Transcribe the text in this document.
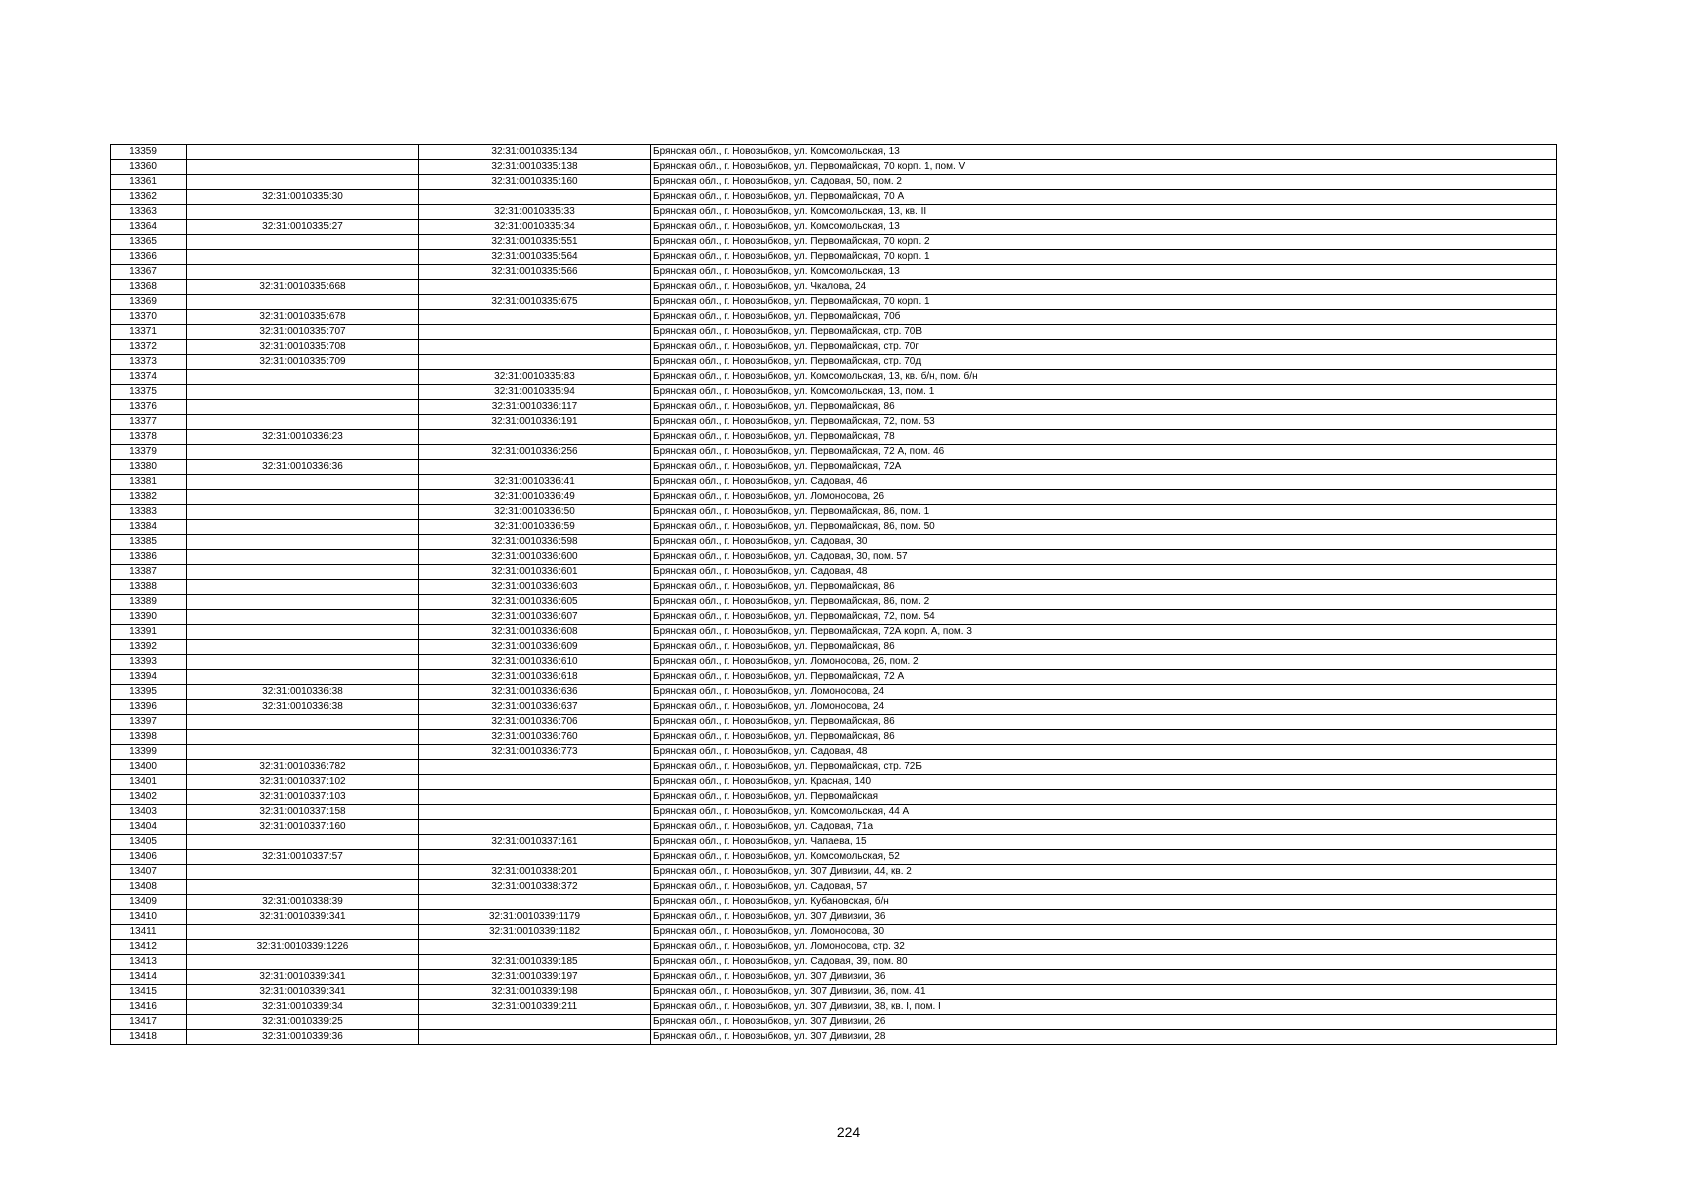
13359		32:31:0010335:134	Брянская обл., г. Новозыбков, ул. Комсомольская, 13
13360		32:31:0010335:138	Брянская обл., г. Новозыбков, ул. Первомайская, 70 корп. 1, пом. V
13361		32:31:0010335:160	Брянская обл., г. Новозыбков, ул. Садовая, 50, пом. 2
13362	32:31:0010335:30		Брянская обл., г. Новозыбков, ул. Первомайская, 70 А
13363		32:31:0010335:33	Брянская обл., г. Новозыбков, ул. Комсомольская, 13, кв. II
13364	32:31:0010335:27	32:31:0010335:34	Брянская обл., г. Новозыбков, ул. Комсомольская, 13
13365		32:31:0010335:551	Брянская обл., г. Новозыбков, ул. Первомайская, 70 корп. 2
13366		32:31:0010335:564	Брянская обл., г. Новозыбков, ул. Первомайская, 70 корп. 1
13367		32:31:0010335:566	Брянская обл., г. Новозыбков, ул. Комсомольская, 13
13368	32:31:0010335:668		Брянская обл., г. Новозыбков, ул. Чкалова, 24
13369		32:31:0010335:675	Брянская обл., г. Новозыбков, ул. Первомайская, 70 корп. 1
13370	32:31:0010335:678		Брянская обл., г. Новозыбков, ул. Первомайская, 70б
13371	32:31:0010335:707		Брянская обл., г. Новозыбков, ул. Первомайская, стр. 70В
13372	32:31:0010335:708		Брянская обл., г. Новозыбков, ул. Первомайская, стр. 70г
13373	32:31:0010335:709		Брянская обл., г. Новозыбков, ул. Первомайская, стр. 70д
13374		32:31:0010335:83	Брянская обл., г. Новозыбков, ул. Комсомольская, 13, кв. б/н, пом. б/н
13375		32:31:0010335:94	Брянская обл., г. Новозыбков, ул. Комсомольская, 13, пом. 1
13376		32:31:0010336:117	Брянская обл., г. Новозыбков, ул. Первомайская, 86
13377		32:31:0010336:191	Брянская обл., г. Новозыбков, ул. Первомайская, 72, пом. 53
13378	32:31:0010336:23		Брянская обл., г. Новозыбков, ул. Первомайская, 78
13379		32:31:0010336:256	Брянская обл., г. Новозыбков, ул. Первомайская, 72 А, пом. 46
13380	32:31:0010336:36		Брянская обл., г. Новозыбков, ул. Первомайская, 72А
13381		32:31:0010336:41	Брянская обл., г. Новозыбков, ул. Садовая, 46
13382		32:31:0010336:49	Брянская обл., г. Новозыбков, ул. Ломоносова, 26
13383		32:31:0010336:50	Брянская обл., г. Новозыбков, ул. Первомайская, 86, пом. 1
13384		32:31:0010336:59	Брянская обл., г. Новозыбков, ул. Первомайская, 86, пом. 50
13385		32:31:0010336:598	Брянская обл., г. Новозыбков, ул. Садовая, 30
13386		32:31:0010336:600	Брянская обл., г. Новозыбков, ул. Садовая, 30, пом. 57
13387		32:31:0010336:601	Брянская обл., г. Новозыбков, ул. Садовая, 48
13388		32:31:0010336:603	Брянская обл., г. Новозыбков, ул. Первомайская, 86
13389		32:31:0010336:605	Брянская обл., г. Новозыбков, ул. Первомайская, 86, пом. 2
13390		32:31:0010336:607	Брянская обл., г. Новозыбков, ул. Первомайская, 72, пом. 54
13391		32:31:0010336:608	Брянская обл., г. Новозыбков, ул. Первомайская, 72А корп. А, пом. 3
13392		32:31:0010336:609	Брянская обл., г. Новозыбков, ул. Первомайская, 86
13393		32:31:0010336:610	Брянская обл., г. Новозыбков, ул. Ломоносова, 26, пом. 2
13394		32:31:0010336:618	Брянская обл., г. Новозыбков, ул. Первомайская, 72 А
13395	32:31:0010336:38	32:31:0010336:636	Брянская обл., г. Новозыбков, ул. Ломоносова, 24
13396	32:31:0010336:38	32:31:0010336:637	Брянская обл., г. Новозыбков, ул. Ломоносова, 24
13397		32:31:0010336:706	Брянская обл., г. Новозыбков, ул. Первомайская, 86
13398		32:31:0010336:760	Брянская обл., г. Новозыбков, ул. Первомайская, 86
13399		32:31:0010336:773	Брянская обл., г. Новозыбков, ул. Садовая, 48
13400	32:31:0010336:782		Брянская обл., г. Новозыбков, ул. Первомайская, стр. 72Б
13401	32:31:0010337:102		Брянская обл., г. Новозыбков, ул. Красная, 140
13402	32:31:0010337:103		Брянская обл., г. Новозыбков, ул. Первомайская
13403	32:31:0010337:158		Брянская обл., г. Новозыбков, ул. Комсомольская, 44 А
13404	32:31:0010337:160		Брянская обл., г. Новозыбков, ул. Садовая, 71а
13405		32:31:0010337:161	Брянская обл., г. Новозыбков, ул. Чапаева, 15
13406	32:31:0010337:57		Брянская обл., г. Новозыбков, ул. Комсомольская, 52
13407		32:31:0010338:201	Брянская обл., г. Новозыбков, ул. 307 Дивизии, 44, кв. 2
13408		32:31:0010338:372	Брянская обл., г. Новозыбков, ул. Садовая, 57
13409	32:31:0010338:39		Брянская обл., г. Новозыбков, ул. Кубановская, б/н
13410	32:31:0010339:341	32:31:0010339:1179	Брянская обл., г. Новозыбков, ул. 307 Дивизии, 36
13411		32:31:0010339:1182	Брянская обл., г. Новозыбков, ул. Ломоносова, 30
13412	32:31:0010339:1226		Брянская обл., г. Новозыбков, ул. Ломоносова, стр. 32
13413		32:31:0010339:185	Брянская обл., г. Новозыбков, ул. Садовая, 39, пом. 80
13414	32:31:0010339:341	32:31:0010339:197	Брянская обл., г. Новозыбков, ул. 307 Дивизии, 36
13415	32:31:0010339:341	32:31:0010339:198	Брянская обл., г. Новозыбков, ул. 307 Дивизии, 36, пом. 41
13416	32:31:0010339:34	32:31:0010339:211	Брянская обл., г. Новозыбков, ул. 307 Дивизии, 38, кв. I, пом. I
13417	32:31:0010339:25		Брянская обл., г. Новозыбков, ул. 307 Дивизии, 26
13418	32:31:0010339:36		Брянская обл., г. Новозыбков, ул. 307 Дивизии, 28
224
